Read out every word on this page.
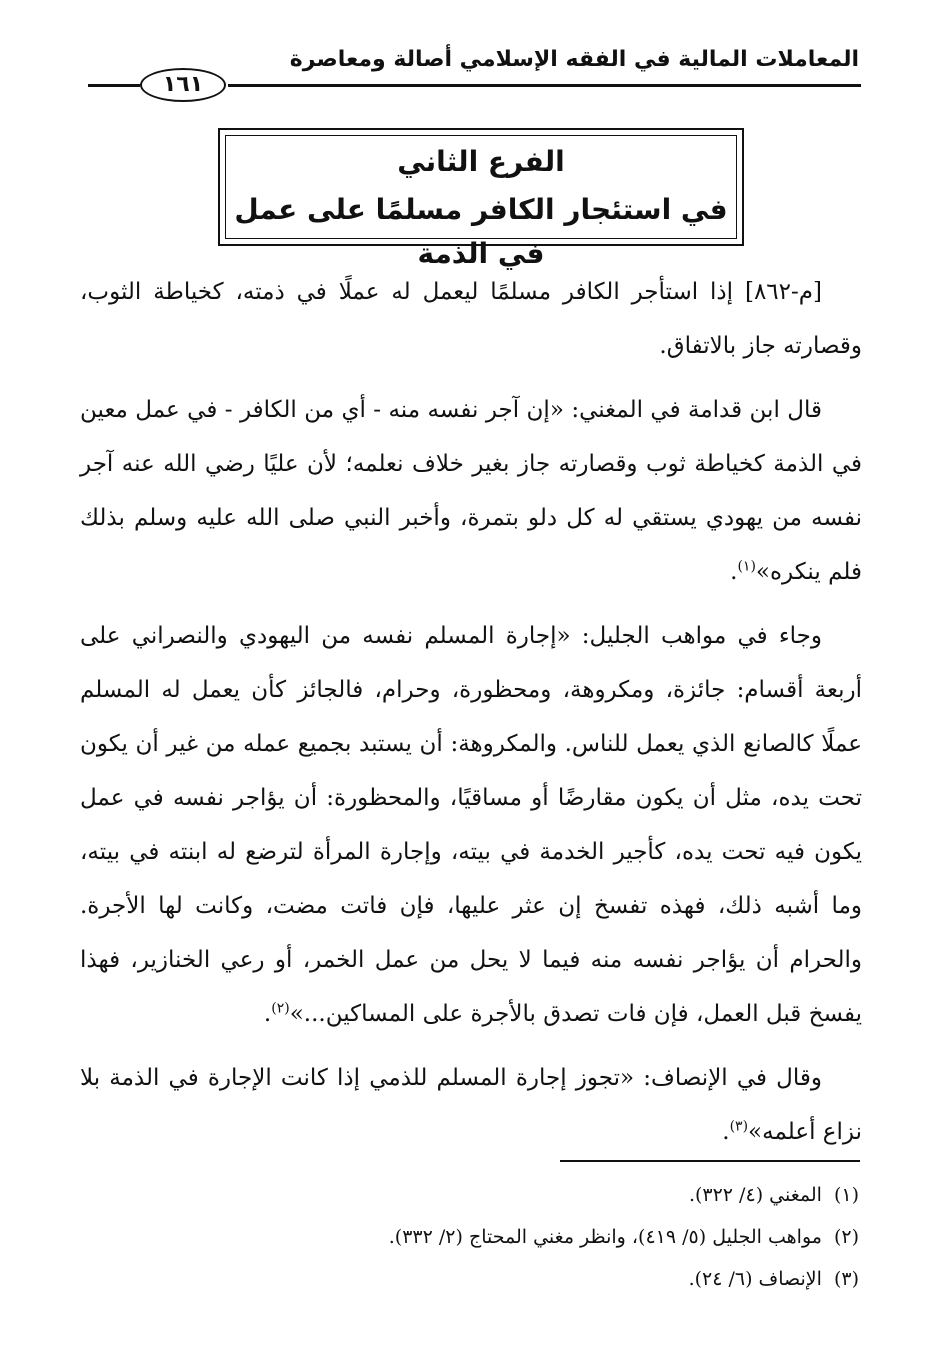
المعاملات المالية في الفقه الإسلامي أصالة ومعاصرة
١٦١
الفرع الثاني
في استئجار الكافر مسلمًا على عمل في الذمة

[م-٨٦٢] إذا استأجر الكافر مسلمًا ليعمل له عملًا في ذمته، كخياطة الثوب، وقصارته جاز بالاتفاق.

قال ابن قدامة في المغني: «إن آجر نفسه منه - أي من الكافر - في عمل معين في الذمة كخياطة ثوب وقصارته جاز بغير خلاف نعلمه؛ لأن عليًا رضي الله عنه آجر نفسه من يهودي يستقي له كل دلو بتمرة، وأخبر النبي صلى الله عليه وسلم بذلك فلم ينكره»$^{(١)}$.

وجاء في مواهب الجليل: «إجارة المسلم نفسه من اليهودي والنصراني على أربعة أقسام: جائزة، ومكروهة، ومحظورة، وحرام، فالجائز كأن يعمل له المسلم عملًا كالصانع الذي يعمل للناس. والمكروهة: أن يستبد بجميع عمله من غير أن يكون تحت يده، مثل أن يكون مقارضًا أو مساقيًا، والمحظورة: أن يؤاجر نفسه في عمل يكون فيه تحت يده، كأجير الخدمة في بيته، وإجارة المرأة لترضع له ابنته في بيته، وما أشبه ذلك، فهذه تفسخ إن عثر عليها، فإن فاتت مضت، وكانت لها الأجرة. والحرام أن يؤاجر نفسه منه فيما لا يحل من عمل الخمر، أو رعي الخنازير، فهذا يفسخ قبل العمل، فإن فات تصدق بالأجرة على المساكين...»$^{(٢)}$.

وقال في الإنصاف: «تجوز إجارة المسلم للذمي إذا كانت الإجارة في الذمة بلا نزاع أعلمه»$^{(٣)}$.

(١)المغني (٤/ ٣٢٢).
(٢)مواهب الجليل (٥/ ٤١٩)، وانظر مغني المحتاج (٢/ ٣٣٢).
(٣)الإنصاف (٦/ ٢٤).
